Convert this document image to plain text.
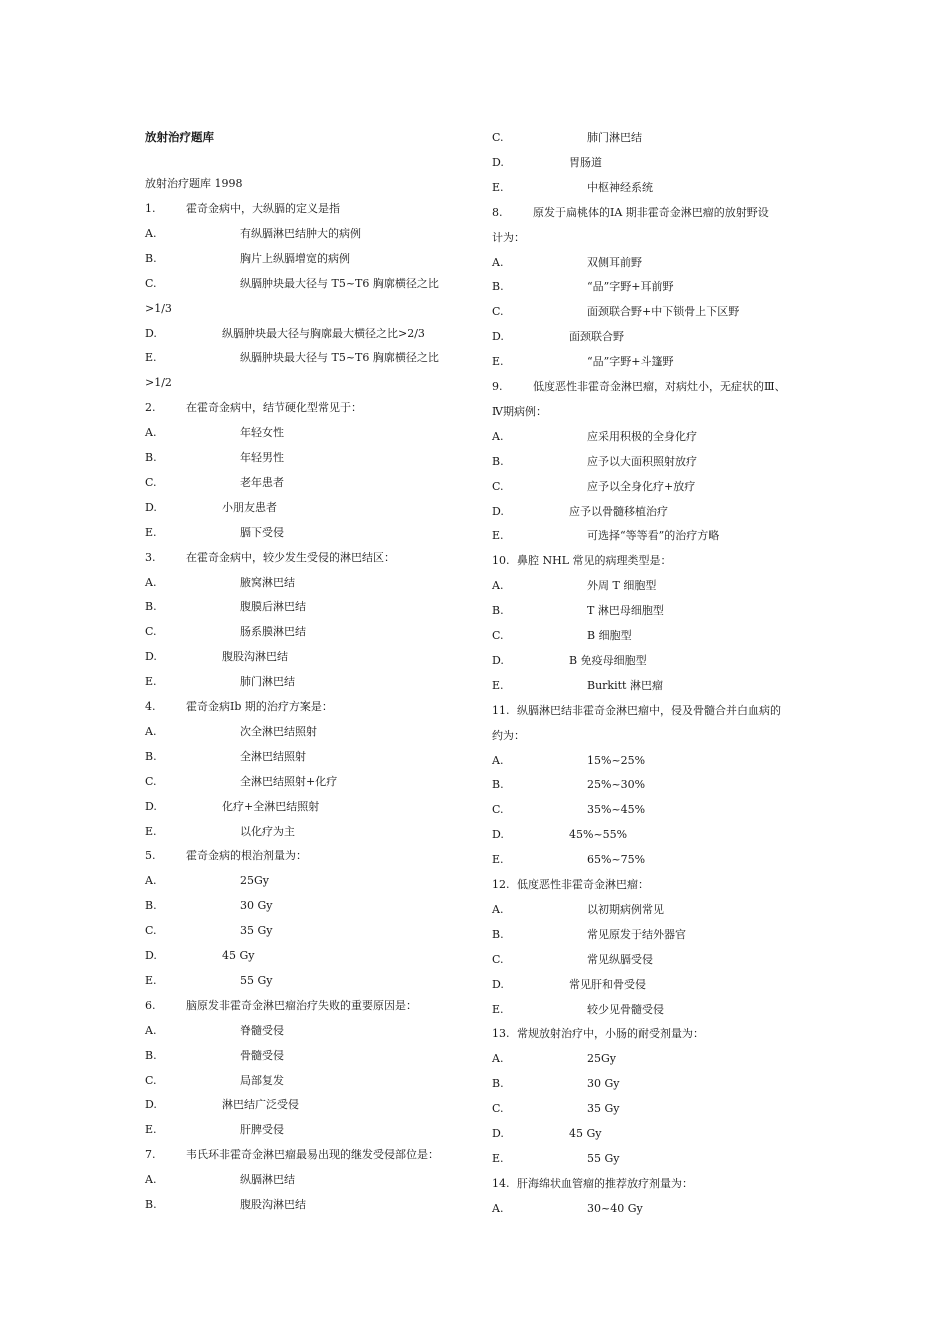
放射治疗题库
放射治疗题库 1998
1.	霍奇金病中，大纵膈的定义是指
A.	有纵膈淋巴结肿大的病例
B.	胸片上纵膈增宽的病例
C.	纵膈肿块最大径与 T5~T6 胸廓横径之比
>1/3
D.	纵膈肿块最大径与胸廓最大横径之比>2/3
E.	纵膈肿块最大径与 T5~T6 胸廓横径之比
>1/2
2.	在霍奇金病中，结节硬化型常见于：
A.	年轻女性
B.	年轻男性
C.	老年患者
D.	小朋友患者
E.	膈下受侵
3.	在霍奇金病中，较少发生受侵的淋巴结区：
A.	腋窝淋巴结
B.	腹膜后淋巴结
C.	肠系膜淋巴结
D.	腹股沟淋巴结
E.	肺门淋巴结
4.	霍奇金病Ⅰb 期的治疗方案是：
A.	次全淋巴结照射
B.	全淋巴结照射
C.	全淋巴结照射+化疗
D.	化疗+全淋巴结照射
E.	以化疗为主
5.	霍奇金病的根治剂量为：
A.	25Gy
B.	30 Gy
C.	35 Gy
D.	45 Gy
E.	55 Gy
6.	脑原发非霍奇金淋巴瘤治疗失败的重要原因是：
A.	脊髓受侵
B.	骨髓受侵
C.	局部复发
D.	淋巴结广泛受侵
E.	肝脾受侵
7.	韦氏环非霍奇金淋巴瘤最易出现的继发受侵部位是：
A.	纵膈淋巴结
B.	腹股沟淋巴结
C.	肺门淋巴结
D.	胃肠道
E.	中枢神经系统
8.	原发于扁桃体的ⅠA 期非霍奇金淋巴瘤的放射野设
计为：
A.	双侧耳前野
B.	“品”字野+耳前野
C.	面颈联合野+中下锁骨上下区野
D.	面颈联合野
E.	“品”字野+斗篷野
9.	低度恶性非霍奇金淋巴瘤，对病灶小，无症状的Ⅲ、
Ⅳ期病例：
A.	应采用积极的全身化疗
B.	应予以大面积照射放疗
C.	应予以全身化疗+放疗
D.	应予以骨髓移植治疗
E.	可选择“等等看”的治疗方略
10. 鼻腔 NHL 常见的病理类型是：
A.	外周 T 细胞型
B.	T 淋巴母细胞型
C.	B 细胞型
D.	B 免疫母细胞型
E.	Burkitt 淋巴瘤
11. 纵膈淋巴结非霍奇金淋巴瘤中，侵及骨髓合并白血病的
约为：
A.	15%~25%
B.	25%~30%
C.	35%~45%
D.	45%~55%
E.	65%~75%
12. 低度恶性非霍奇金淋巴瘤：
A.	以初期病例常见
B.	常见原发于结外器官
C.	常见纵膈受侵
D.	常见肝和骨受侵
E.	较少见骨髓受侵
13. 常规放射治疗中，小肠的耐受剂量为：
A.	25Gy
B.	30 Gy
C.	35 Gy
D.	45 Gy
E.	55 Gy
14. 肝海绵状血管瘤的推荐放疗剂量为：
A.	30~40 Gy
